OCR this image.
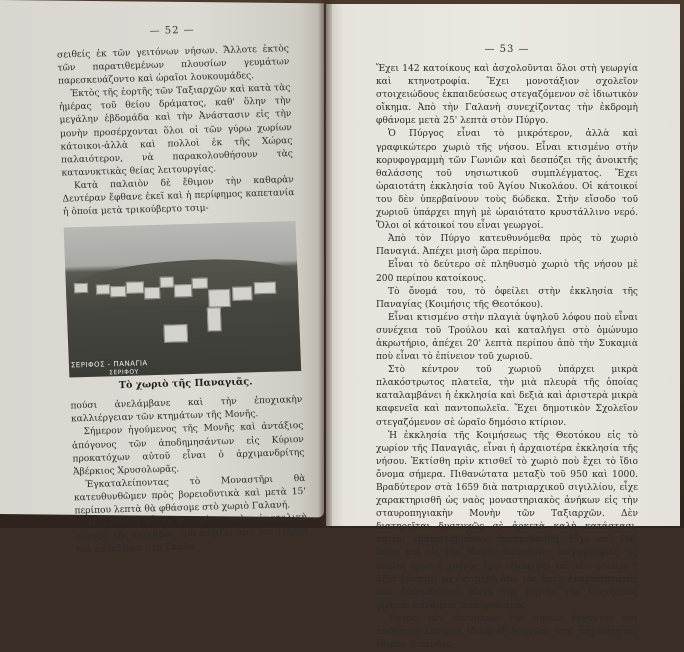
— 52 —

σειθείς ἐκ τῶν γειτόνων νήσων. Ἄλλοτε ἐκτὸς τῶν παρατιθεμένων πλουσίων γευμάτων παρεσκευάζοντο καὶ ὡραῖοι λουκουμάδες.

Ἐκτὸς τῆς ἑορτῆς τῶν Ταξιαρχῶν καὶ κατὰ τὰς ἡμέρας τοῦ θείου δράματος, καθ' ὅλην τὴν μεγάλην ἑβδομάδα καὶ τὴν Ἀνάστασιν εἰς τὴν μονὴν προσέρχονται ὅλοι οἱ τῶν γύρω χωρίων κάτοικοι-ἀλλὰ καὶ πολλοὶ ἐκ τῆς Χώρας παλαιότερον, νὰ παρακολουθήσουν τὰς κατανυκτικὰς θείας λειτουργίας.

Κατὰ παλαιὸν δὲ ἔθιμον τὴν καθαρὰν Δευτέραν ἔφθανε ἐκεῖ καὶ ἡ περίφημος καπετανία ἡ ὁποία μετὰ τρικούβερτο τσιμ-

ΣΕΡΙΦΟΣ - ΠΑΝΑΓΙΑ
ΣΕΡΙΦΟΥ
Τὸ χωριὸ τῆς Παναγιᾶς.

πούσι ἀνελάμβανε καὶ τὴν ἐποχιακὴν καλλιέργειαν τῶν κτημάτων τῆς Μονῆς.

Σήμερον ἡγούμενος τῆς Μονῆς καὶ ἀντάξιος ἀπόγονος τῶν ἀποδημησάντων εἰς Κύριον προκατόχων αὐτοῦ εἶναι ὁ ἀρχιμανδρίτης Ἀβέρκιος Χρυσολωρᾶς.

Ἐγκαταλείποντας τὸ Μοναστῆρι θὰ κατευθυνθῶμεν πρὸς βορειοδυτικὰ καὶ μετὰ 15' περίπου λεπτὰ θὰ φθάσομε στὸ χωριὸ Γαλανή.

Ἡ Γαλανὴ εἶναι κτισμένη στὴν ἀνατολικὴ πλευρὰ τῆς κοιλάδος ποὺ ἀρχίζει ἀπὸ τὸν Πύργο καὶ καταλήγει στὴ Σκάλα.

— 53 —

Ἔχει 142 κατοίκους καὶ ἀσχολοῦνται ὅλοι στὴ γεωργία καὶ κτηνοτροφία. Ἔχει μονοτάξιον σχολεῖον στοιχειώδους ἐκπαιδεύσεως στεγαζόμενον σὲ ἰδιωτικὸν οἴκημα. Ἀπὸ τὴν Γαλανὴ συνεχίζοντας τὴν ἐκδρομὴ φθάνομε μετὰ 25' λεπτὰ στὸν Πύργο.

Ὁ Πύργος εἶναι τὸ μικρότερον, ἀλλὰ καὶ γραφικώτερο χωριὸ τῆς νήσου. Εἶναι κτισμένο στὴν κορυφογραμμὴ τῶν Γωνιῶν καὶ δεσπόζει τῆς ἀνοικτῆς θαλάσσης τοῦ νησιωτικοῦ συμπλέγματος. Ἔχει ὡραιοτάτη ἐκκλησία τοῦ Ἁγίου Νικολάου. Οἱ κάτοικοί του δὲν ὑπερβαίνουν τοὺς δώδεκα. Στὴν εἴσοδο τοῦ χωριοῦ ὑπάρχει πηγὴ μὲ ὡραιότατο κρυστάλλινο νερό. Ὅλοι οἱ κάτοικοί του εἶναι γεωργοί.

Ἀπὸ τὸν Πύργο κατευθυνόμεθα πρὸς τὸ χωριὸ Παναγιά. Ἀπέχει μισὴ ὥρα περίπου.

Εἶναι τὸ δεύτερο σὲ πληθυσμὸ χωριὸ τῆς νήσου μὲ 200 περίπου κατοίκους.

Τὸ ὄνομά του, τὸ ὀφείλει στὴν ἐκκλησία τῆς Παναγίας (Κοιμήσις τῆς Θεοτόκου).

Εἶναι κτισμένο στὴν πλαγιὰ ὑψηλοῦ λόφου ποὺ εἶναι συνέχεια τοῦ Τρούλου καὶ καταλήγει στὸ ὁμώνυμο ἀκρωτήριο, ἀπέχει 20' λεπτὰ περίπου ἀπὸ τὴν Συκαμιὰ ποὺ εἶναι τὸ ἐπίνειον τοῦ χωριοῦ.

Στὸ κέντρον τοῦ χωριοῦ ὑπάρχει μικρὰ πλακόστρωτος πλατεῖα, τὴν μιὰ πλευρὰ τῆς ὁποίας καταλαμβάνει ἡ ἐκκλησία καὶ δεξιὰ καὶ ἀριστερὰ μικρὰ καφενεῖα καὶ παντοπωλεῖα. Ἔχει δημοτικὸν Σχολεῖον στεγαζόμενον σὲ ὡραῖο δημόσιο κτίριον.

Ἡ ἐκκλησία τῆς Κοιμήσεως τῆς Θεοτόκου εἰς τὸ χωρίον τῆς Παναγιᾶς, εἶναι ἡ ἀρχαιοτέρα ἐκκλησία τῆς νήσου. Ἐκτίσθη πρὶν κτισθεῖ τὸ χωριὸ ποὺ ἔχει τὸ ἴδιο ὄνομα σήμερα. Πιθανώτατα μεταξὺ τοῦ 950 καὶ 1000. Βραδύτερον στὰ 1659 διὰ πατριαρχικοῦ σιγιλλίου, εἶχε χαρακτηρισθῆ ὡς ναὸς μοναστηριακὸς ἀνήκων εἰς τὴν σταυροπηγιακὴν Μονὴν τῶν Ταξιαρχῶν. Δὲν διατηρεῖται δυστυχῶς σὲ ἀρκετὰ καλὴ κατάστασι, καίτοι ἐπανειλημμένως ἐπεσκευάσθη. Εἶχε καὶ ἐδῶ ὅπως καὶ εἰς τὴν Μονὴν θαυμάσιες τοιχογραφίες τὶς ὁποῖες ὅμως ὁ χρόνος ἔχει ἐξαλείψει καὶ τῶν ὁποίων ἡ ἀξία δύναται νὰ ἐκτιμηθῆ ἀπὸ τὰς ἔστω ἐλαχιστοτάτας ποὺ διασώζονται. Κατὰ τὴν ἑορτὴν τῆς Κοιμήσεως γίνεται πάνδημος πανηγυρισμός.

Ἐκτὸς τῶν κατοίκων τῆς νήσου ἔρχονται καὶ ἀπόδημοι Σερίφιοι ἰδίως ἐξ Ἀθηνῶν. Κατ' ἀρχαιότατον ἔθιμον ἡ πανήγυ-
